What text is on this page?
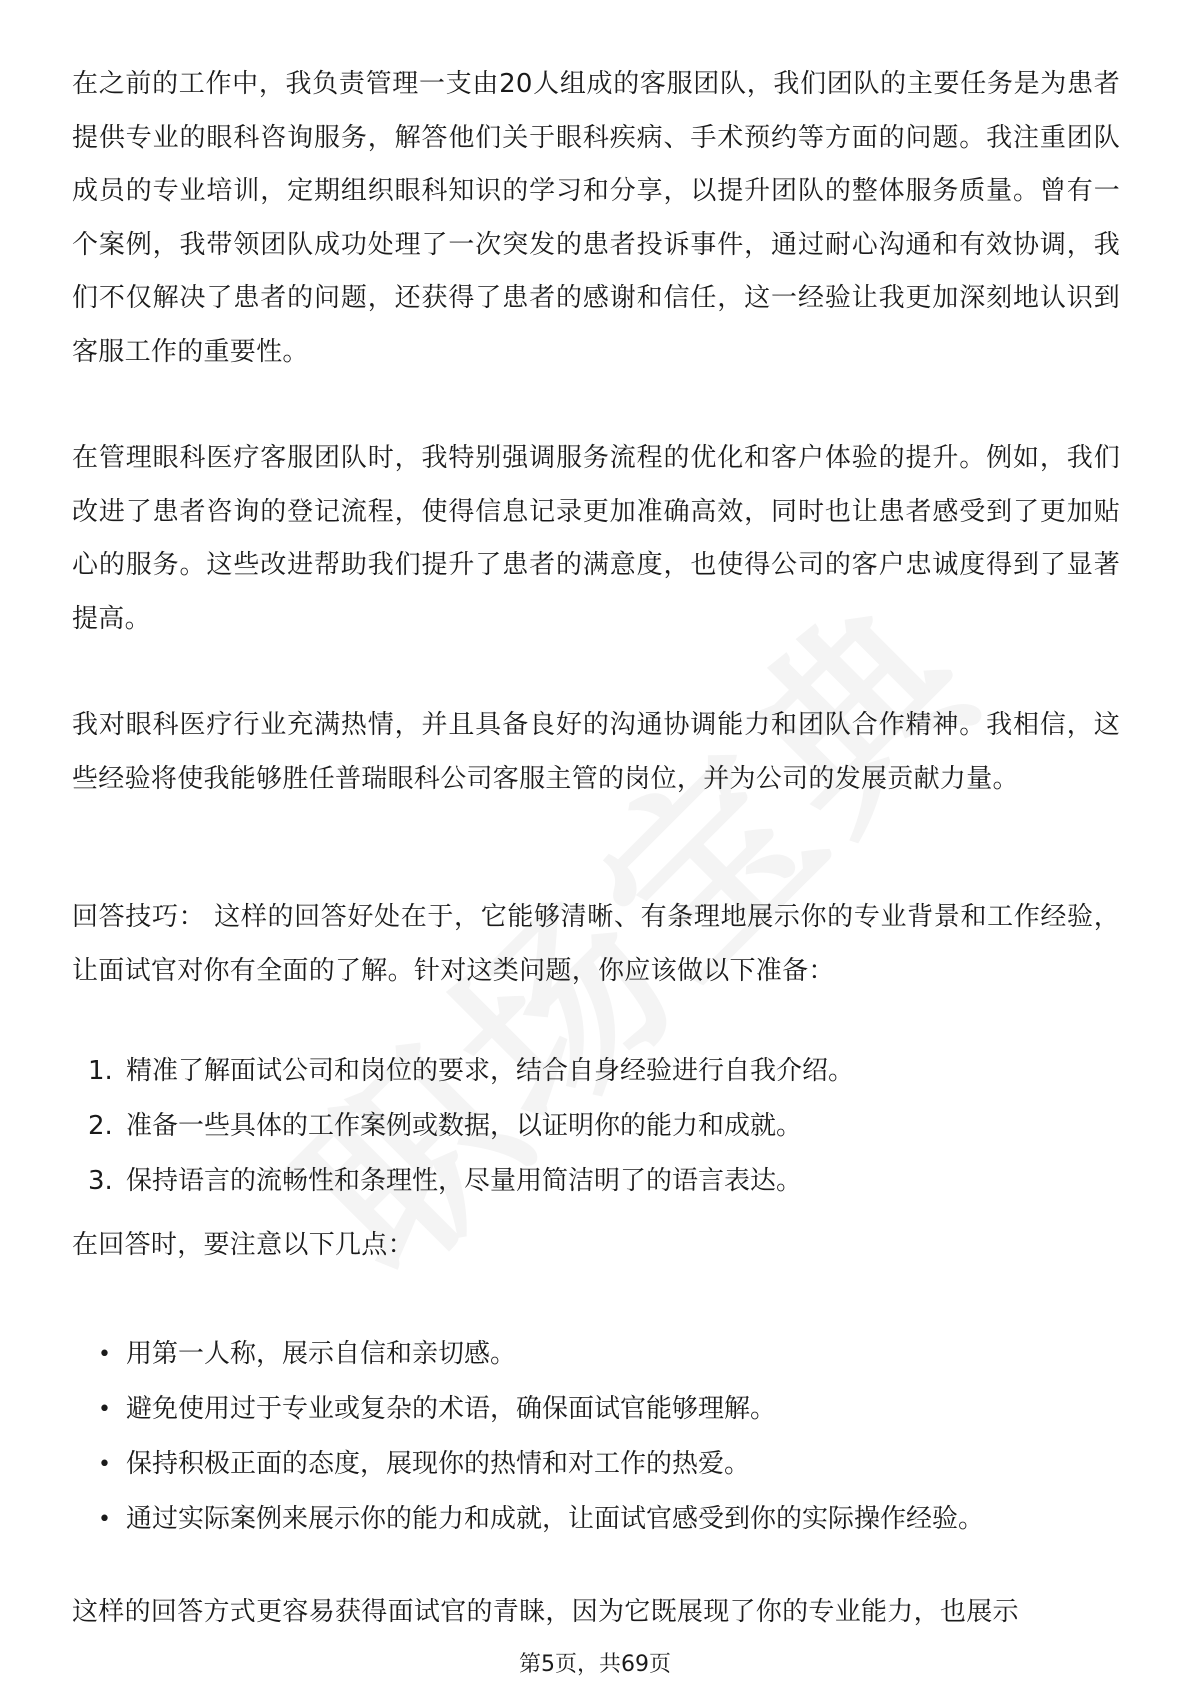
在之前的工作中，我负责管理一支由20人组成的客服团队，我们团队的主要任务是为患者提供专业的眼科咨询服务，解答他们关于眼科疾病、手术预约等方面的问题。我注重团队成员的专业培训，定期组织眼科知识的学习和分享，以提升团队的整体服务质量。曾有一个案例，我带领团队成功处理了一次突发的患者投诉事件，通过耐心沟通和有效协调，我们不仅解决了患者的问题，还获得了患者的感谢和信任，这一经验让我更加深刻地认识到客服工作的重要性。

在管理眼科医疗客服团队时，我特别强调服务流程的优化和客户体验的提升。例如，我们改进了患者咨询的登记流程，使得信息记录更加准确高效，同时也让患者感受到了更加贴心的服务。这些改进帮助我们提升了患者的满意度，也使得公司的客户忠诚度得到了显著提高。

我对眼科医疗行业充满热情，并且具备良好的沟通协调能力和团队合作精神。我相信，这些经验将使我能够胜任普瑞眼科公司客服主管的岗位，并为公司的发展贡献力量。

回答技巧： 这样的回答好处在于，它能够清晰、有条理地展示你的专业背景和工作经验，让面试官对你有全面的了解。针对这类问题，你应该做以下准备：

1. 精准了解面试公司和岗位的要求，结合自身经验进行自我介绍。
2. 准备一些具体的工作案例或数据，以证明你的能力和成就。
3. 保持语言的流畅性和条理性，尽量用简洁明了的语言表达。

在回答时，要注意以下几点：

• 用第一人称，展示自信和亲切感。
• 避免使用过于专业或复杂的术语，确保面试官能够理解。
• 保持积极正面的态度，展现你的热情和对工作的热爱。
• 通过实际案例来展示你的能力和成就，让面试官感受到你的实际操作经验。

这样的回答方式更容易获得面试官的青睐，因为它既展现了你的专业能力，也展示

第5页，共69页
